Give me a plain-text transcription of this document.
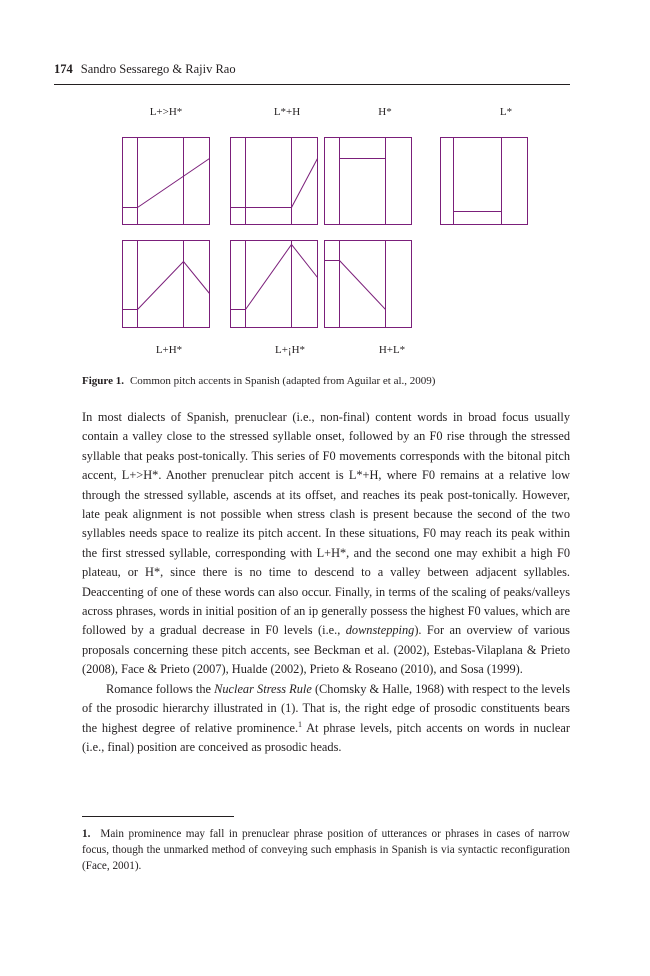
174 Sandro Sessarego & Rajiv Rao
L+>H*	L*+H	H*	L*
L+H*	L+¡H*	H+L*
Figure 1. Common pitch accents in Spanish (adapted from Aguilar et al., 2009)

In most dialects of Spanish, prenuclear (i.e., non-final) content words in broad focus usually contain a valley close to the stressed syllable onset, followed by an F0 rise through the stressed syllable that peaks post-tonically. This series of F0 movements corresponds with the bitonal pitch accent, L+>H*. Another prenuclear pitch accent is L*+H, where F0 remains at a relative low through the stressed syllable, ascends at its offset, and reaches its peak post-tonically. However, late peak alignment is not possible when stress clash is present because the second of the two syllables needs space to realize its pitch accent. In these situations, F0 may reach its peak within the first stressed syllable, corresponding with L+H*, and the second one may exhibit a high F0 plateau, or H*, since there is no time to descend to a valley between adjacent syllables. Deaccenting of one of these words can also occur. Finally, in terms of the scaling of peaks/valleys across phrases, words in initial position of an ip generally possess the highest F0 values, which are followed by a gradual decrease in F0 levels (i.e., downstepping). For an overview of various proposals concerning these pitch accents, see Beckman et al. (2002), Estebas-Vilaplana & Prieto (2008), Face & Prieto (2007), Hualde (2002), Prieto & Roseano (2010), and Sosa (1999).

Romance follows the Nuclear Stress Rule (Chomsky & Halle, 1968) with respect to the levels of the prosodic hierarchy illustrated in (1). That is, the right edge of prosodic constituents bears the highest degree of relative prominence.$^1$ At phrase levels, pitch accents on words in nuclear (i.e., final) position are conceived as prosodic heads.

1. Main prominence may fall in prenuclear phrase position of utterances or phrases in cases of narrow focus, though the unmarked method of conveying such emphasis in Spanish is via syntactic reconfiguration (Face, 2001).
